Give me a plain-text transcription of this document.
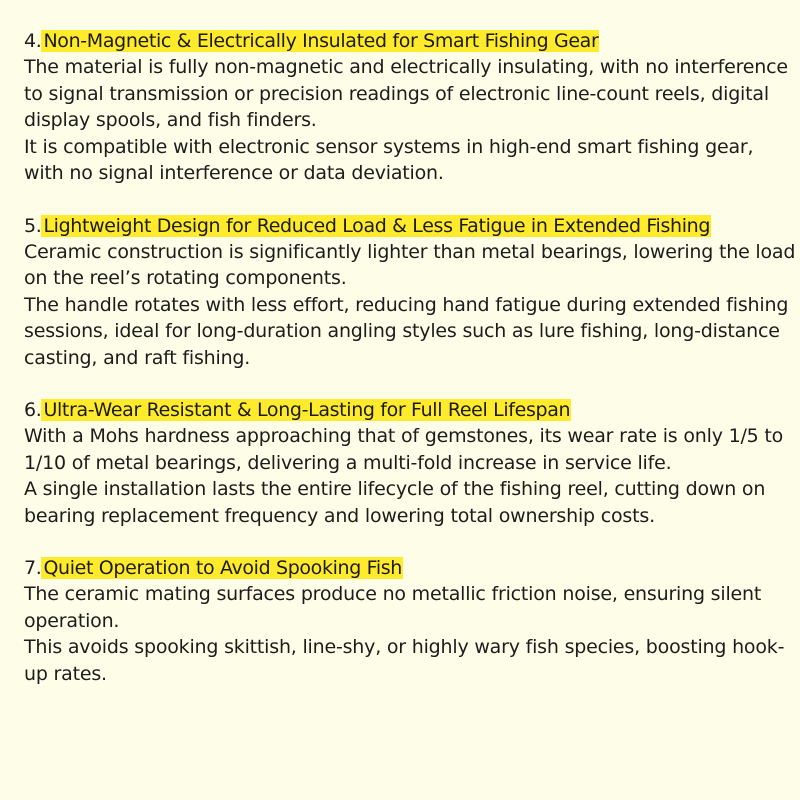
4. Non-Magnetic & Electrically Insulated for Smart Fishing Gear

The material is fully non-magnetic and electrically insulating, with no interference to signal transmission or precision readings of electronic line-count reels, digital display spools, and fish finders.

It is compatible with electronic sensor systems in high-end smart fishing gear, with no signal interference or data deviation.

5. Lightweight Design for Reduced Load & Less Fatigue in Extended Fishing

Ceramic construction is significantly lighter than metal bearings, lowering the load on the reel’s rotating components.

The handle rotates with less effort, reducing hand fatigue during extended fishing sessions, ideal for long-duration angling styles such as lure fishing, long-distance casting, and raft fishing.

6. Ultra-Wear Resistant & Long-Lasting for Full Reel Lifespan

With a Mohs hardness approaching that of gemstones, its wear rate is only 1/5 to 1/10 of metal bearings, delivering a multi-fold increase in service life.

A single installation lasts the entire lifecycle of the fishing reel, cutting down on bearing replacement frequency and lowering total ownership costs.

7. Quiet Operation to Avoid Spooking Fish

The ceramic mating surfaces produce no metallic friction noise, ensuring silent operation.

This avoids spooking skittish, line-shy, or highly wary fish species, boosting hook-up rates.
